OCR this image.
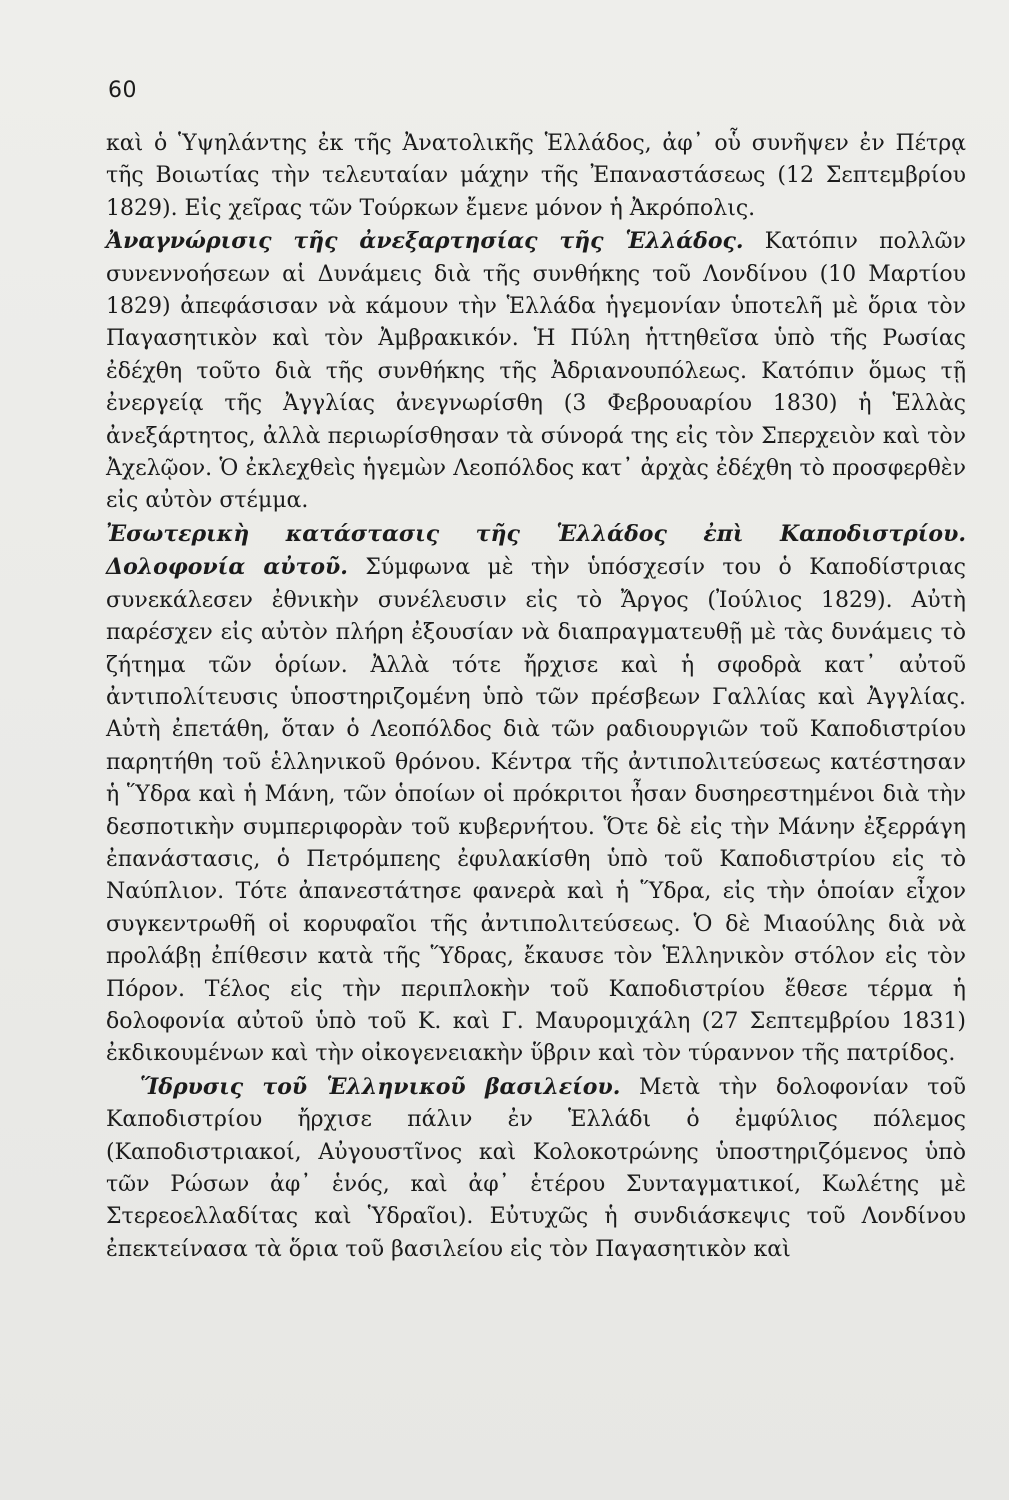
60

καὶ ὁ Ὑψηλάντης ἐκ τῆς Ἀνατολικῆς Ἑλλάδος, ἀφ᾽ οὗ συνῆψεν ἐν Πέτρᾳ τῆς Βοιωτίας τὴν τελευταίαν μάχην τῆς Ἐπαναστάσεως (12 Σεπτεμβρίου 1829). Εἰς χεῖρας τῶν Τούρκων ἔμενε μόνον ἡ Ἀκρόπολις.

Ἀναγνώρισις τῆς ἀνεξαρτησίας τῆς Ἑλλάδος. Κατόπιν πολλῶν συνεννοήσεων αἱ Δυνάμεις διὰ τῆς συνθήκης τοῦ Λονδίνου (10 Μαρτίου 1829) ἀπεφάσισαν νὰ κάμουν τὴν Ἑλλάδα ἡγεμονίαν ὑποτελῆ μὲ ὅρια τὸν Παγασητικὸν καὶ τὸν Ἀμβρακικόν. Ἡ Πύλη ἡττηθεῖσα ὑπὸ τῆς Ρωσίας ἐδέχθη τοῦτο διὰ τῆς συνθήκης τῆς Ἀδριανουπόλεως. Κατόπιν ὅμως τῇ ἐνεργείᾳ τῆς Ἀγγλίας ἀνεγνωρίσθη (3 Φεβρουαρίου 1830) ἡ Ἑλλὰς ἀνεξάρτητος, ἀλλὰ περιωρίσθησαν τὰ σύνορά της εἰς τὸν Σπερχειὸν καὶ τὸν Ἀχελῷον. Ὁ ἐκλεχθεὶς ἡγεμὼν Λεοπόλδος κατ᾽ ἀρχὰς ἐδέχθη τὸ προσφερθὲν εἰς αὐτὸν στέμμα.

Ἐσωτερικὴ κατάστασις τῆς Ἑλλάδος ἐπὶ Καποδιστρίου. Δολοφονία αὐτοῦ. Σύμφωνα μὲ τὴν ὑπόσχεσίν του ὁ Καποδίστριας συνεκάλεσεν ἐθνικὴν συνέλευσιν εἰς τὸ Ἄργος (Ἰούλιος 1829). Αὐτὴ παρέσχεν εἰς αὐτὸν πλήρη ἐξουσίαν νὰ διαπραγματευθῇ μὲ τὰς δυνάμεις τὸ ζήτημα τῶν ὁρίων. Ἀλλὰ τότε ἤρχισε καὶ ἡ σφοδρὰ κατ᾽ αὐτοῦ ἀντιπολίτευσις ὑποστηριζομένη ὑπὸ τῶν πρέσβεων Γαλλίας καὶ Ἀγγλίας. Αὐτὴ ἐπετάθη, ὅταν ὁ Λεοπόλδος διὰ τῶν ραδιουργιῶν τοῦ Καποδιστρίου παρητήθη τοῦ ἑλληνικοῦ θρόνου. Κέντρα τῆς ἀντιπολιτεύσεως κατέστησαν ἡ Ὕδρα καὶ ἡ Μάνη, τῶν ὁποίων οἱ πρόκριτοι ἦσαν δυσηρεστημένοι διὰ τὴν δεσποτικὴν συμπεριφορὰν τοῦ κυβερνήτου. Ὅτε δὲ εἰς τὴν Μάνην ἐξερράγη ἐπανάστασις, ὁ Πετρόμπεης ἐφυλακίσθη ὑπὸ τοῦ Καποδιστρίου εἰς τὸ Ναύπλιον. Τότε ἀπανεστάτησε φανερὰ καὶ ἡ Ὕδρα, εἰς τὴν ὁποίαν εἶχον συγκεντρωθῆ οἱ κορυφαῖοι τῆς ἀντιπολιτεύσεως. Ὁ δὲ Μιαούλης διὰ νὰ προλάβῃ ἐπίθεσιν κατὰ τῆς Ὕδρας, ἔκαυσε τὸν Ἑλληνικὸν στόλον εἰς τὸν Πόρον. Τέλος εἰς τὴν περιπλοκὴν τοῦ Καποδιστρίου ἔθεσε τέρμα ἡ δολοφονία αὐτοῦ ὑπὸ τοῦ Κ. καὶ Γ. Μαυρομιχάλη (27 Σεπτεμβρίου 1831) ἐκδικουμένων καὶ τὴν οἰκογενειακὴν ὕβριν καὶ τὸν τύραννον τῆς πατρίδος.

Ἵδρυσις τοῦ Ἑλληνικοῦ βασιλείου. Μετὰ τὴν δολοφονίαν τοῦ Καποδιστρίου ἤρχισε πάλιν ἐν Ἑλλάδι ὁ ἐμφύλιος πόλεμος (Καποδιστριακοί, Αὐγουστῖνος καὶ Κολοκοτρώνης ὑποστηριζόμενος ὑπὸ τῶν Ρώσων ἀφ᾽ ἑνός, καὶ ἀφ᾽ ἑτέρου Συνταγματικοί, Κωλέτης μὲ Στερεοελλαδίτας καὶ Ὑδραῖοι). Εὐτυχῶς ἡ συνδιάσκεψις τοῦ Λονδίνου ἐπεκτείνασα τὰ ὅρια τοῦ βασιλείου εἰς τὸν Παγασητικὸν καὶ
